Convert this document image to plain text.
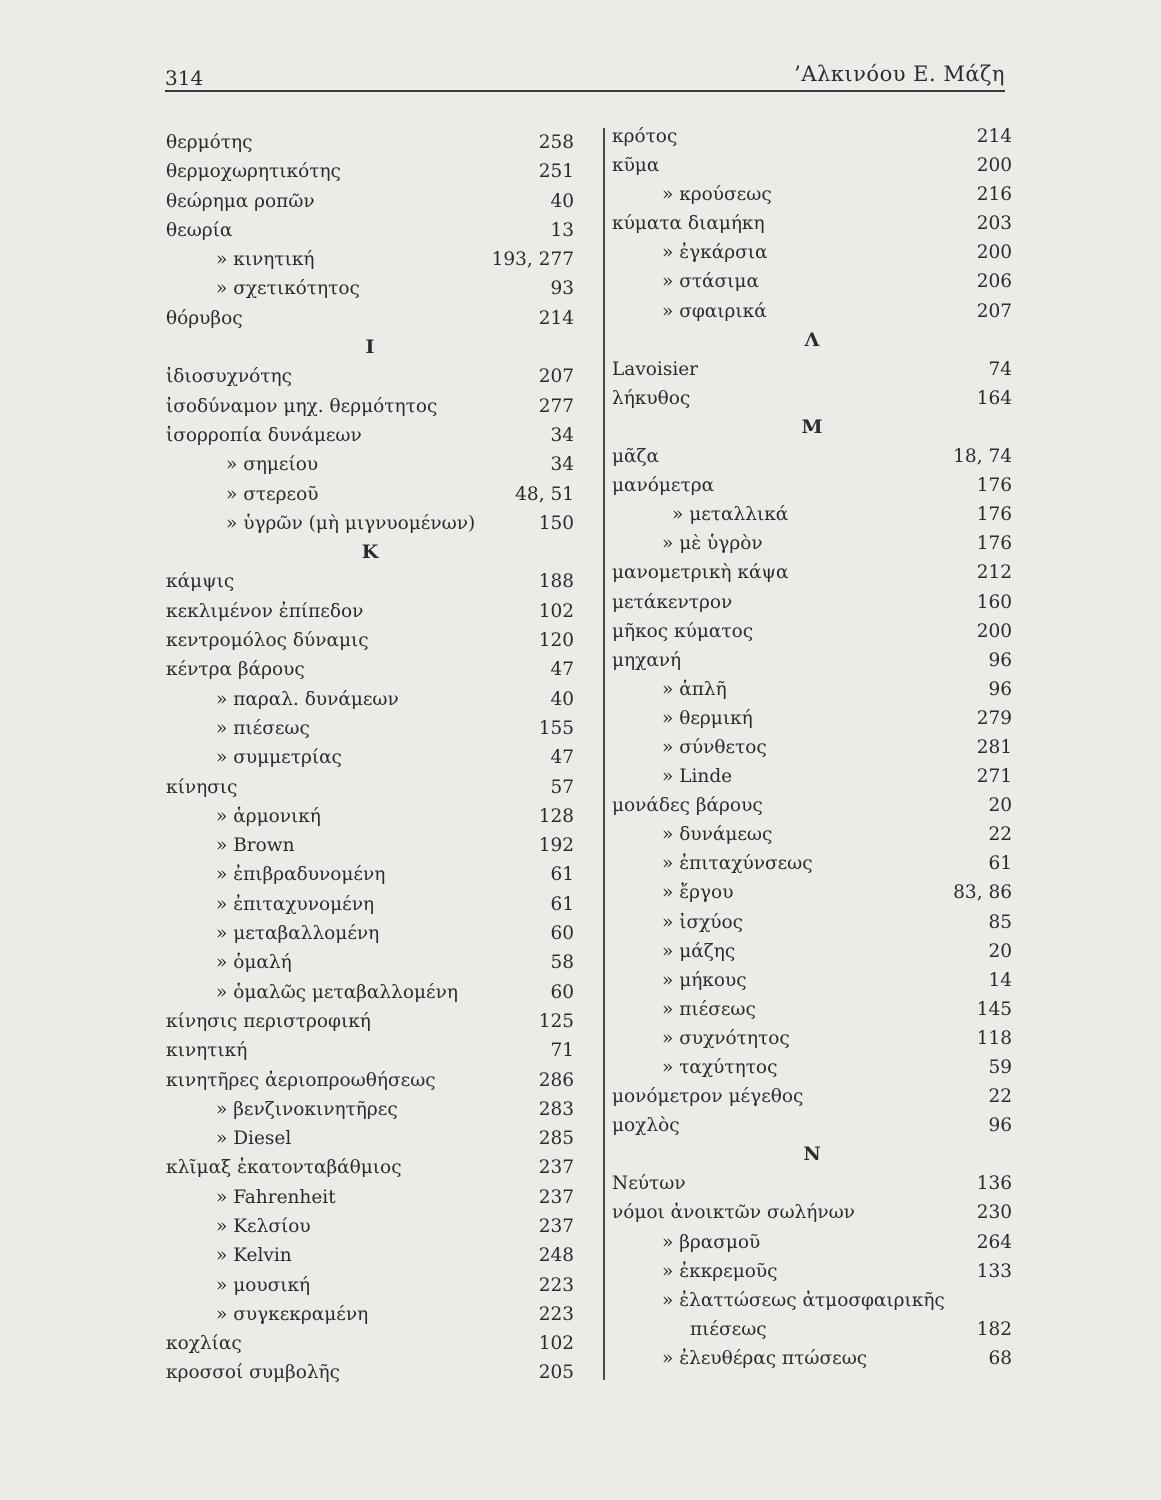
314	’Αλκινόου Ε. Μάζη
θερμότης	258
θερμοχωρητικότης	251
θεώρημα ροπῶν	40
θεωρία	13
» κινητική	193, 277
» σχετικότητος	93
θόρυβος	214
Ι
ἰδιοσυχνότης	207
ἰσοδύναμον μηχ. θερμότητος	277
ἰσορροπία δυνάμεων	34
» σημείου	34
» στερεοῦ	48, 51
» ὑγρῶν (μὴ μιγνυομένων)	150
Κ
κάμψις	188
κεκλιμένον ἐπίπεδον	102
κεντρομόλος δύναμις	120
κέντρα βάρους	47
» παραλ. δυνάμεων	40
» πιέσεως	155
» συμμετρίας	47
κίνησις	57
» ἁρμονική	128
» Brown	192
» ἐπιβραδυνομένη	61
» ἐπιταχυνομένη	61
» μεταβαλλομένη	60
» ὁμαλή	58
» ὁμαλῶς μεταβαλλομένη	60
κίνησις περιστροφική	125
κινητική	71
κινητῆρες ἀεριοπροωθήσεως	286
» βενζινοκινητῆρες	283
» Diesel	285
κλῖμαξ ἑκατονταβάθμιος	237
» Fahrenheit	237
» Κελσίου	237
» Kelvin	248
» μουσική	223
» συγκεκραμένη	223
κοχλίας	102
κροσσοί συμβολῆς	205
κρότος	214
κῦμα	200
» κρούσεως	216
κύματα διαμήκη	203
» ἐγκάρσια	200
» στάσιμα	206
» σφαιρικά	207
Λ
Lavoisier	74
λήκυθος	164
Μ
μᾶζα	18, 74
μανόμετρα	176
» μεταλλικά	176
» μὲ ὑγρὸν	176
μανομετρικὴ κάψα	212
μετάκεντρον	160
μῆκος κύματος	200
μηχανή	96
» ἁπλῆ	96
» θερμική	279
» σύνθετος	281
» Linde	271
μονάδες βάρους	20
» δυνάμεως	22
» ἐπιταχύνσεως	61
» ἔργου	83, 86
» ἰσχύος	85
» μάζης	20
» μήκους	14
» πιέσεως	145
» συχνότητος	118
» ταχύτητος	59
μονόμετρον μέγεθος	22
μοχλὸς	96
Ν
Νεύτων	136
νόμοι ἀνοικτῶν σωλήνων	230
» βρασμοῦ	264
» ἐκκρεμοῦς	133
» ἐλαττώσεως ἀτμοσφαιρικῆς
πιέσεως	182
» ἐλευθέρας πτώσεως	68
